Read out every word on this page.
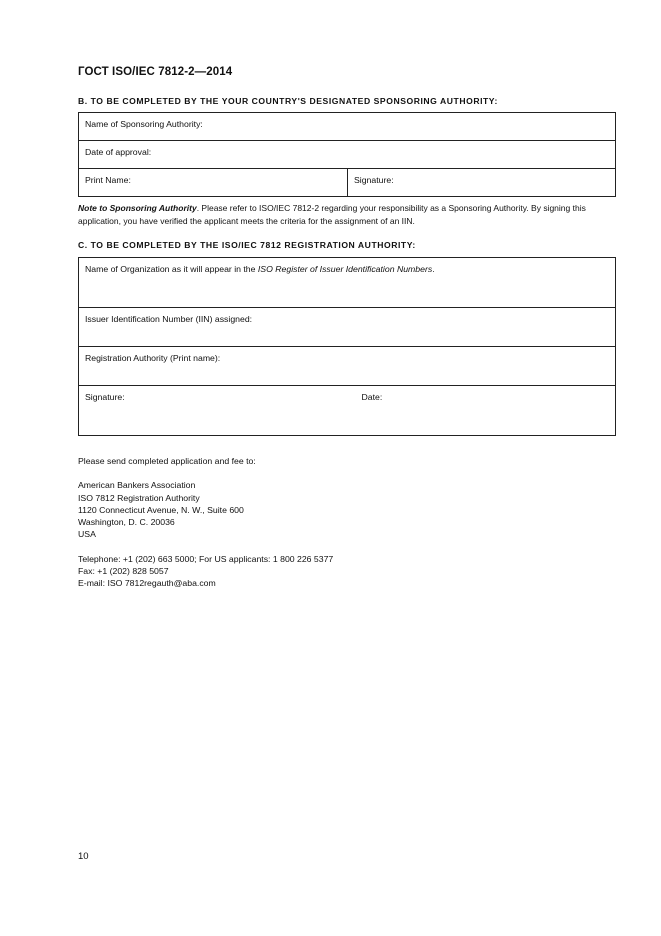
ГОСТ ISO/IEC 7812-2—2014
B. TO BE COMPLETED BY THE YOUR COUNTRY'S DESIGNATED SPONSORING AUTHORITY:
Name of Sponsoring Authority:
Date of approval:
Print Name:	Signature:
Note to Sponsoring Authority. Please refer to ISO/IEC 7812-2 regarding your responsibility as a Sponsoring Authority. By signing this application, you have verified the applicant meets the criteria for the assignment of an IIN.
C. TO BE COMPLETED BY THE ISO/IEC 7812 REGISTRATION AUTHORITY:
Name of Organization as it will appear in the ISO Register of Issuer Identification Numbers.
Issuer Identification Number (IIN) assigned:
Registration Authority (Print name):
Signature:	Date:
Please send completed application and fee to:
American Bankers Association
ISO 7812 Registration Authority
1120 Connecticut Avenue, N. W., Suite 600
Washington, D. C. 20036
USA
Telephone: +1 (202) 663 5000; For US applicants: 1 800 226 5377
Fax: +1 (202) 828 5057
E-mail: ISO 7812regauth@aba.com
10
